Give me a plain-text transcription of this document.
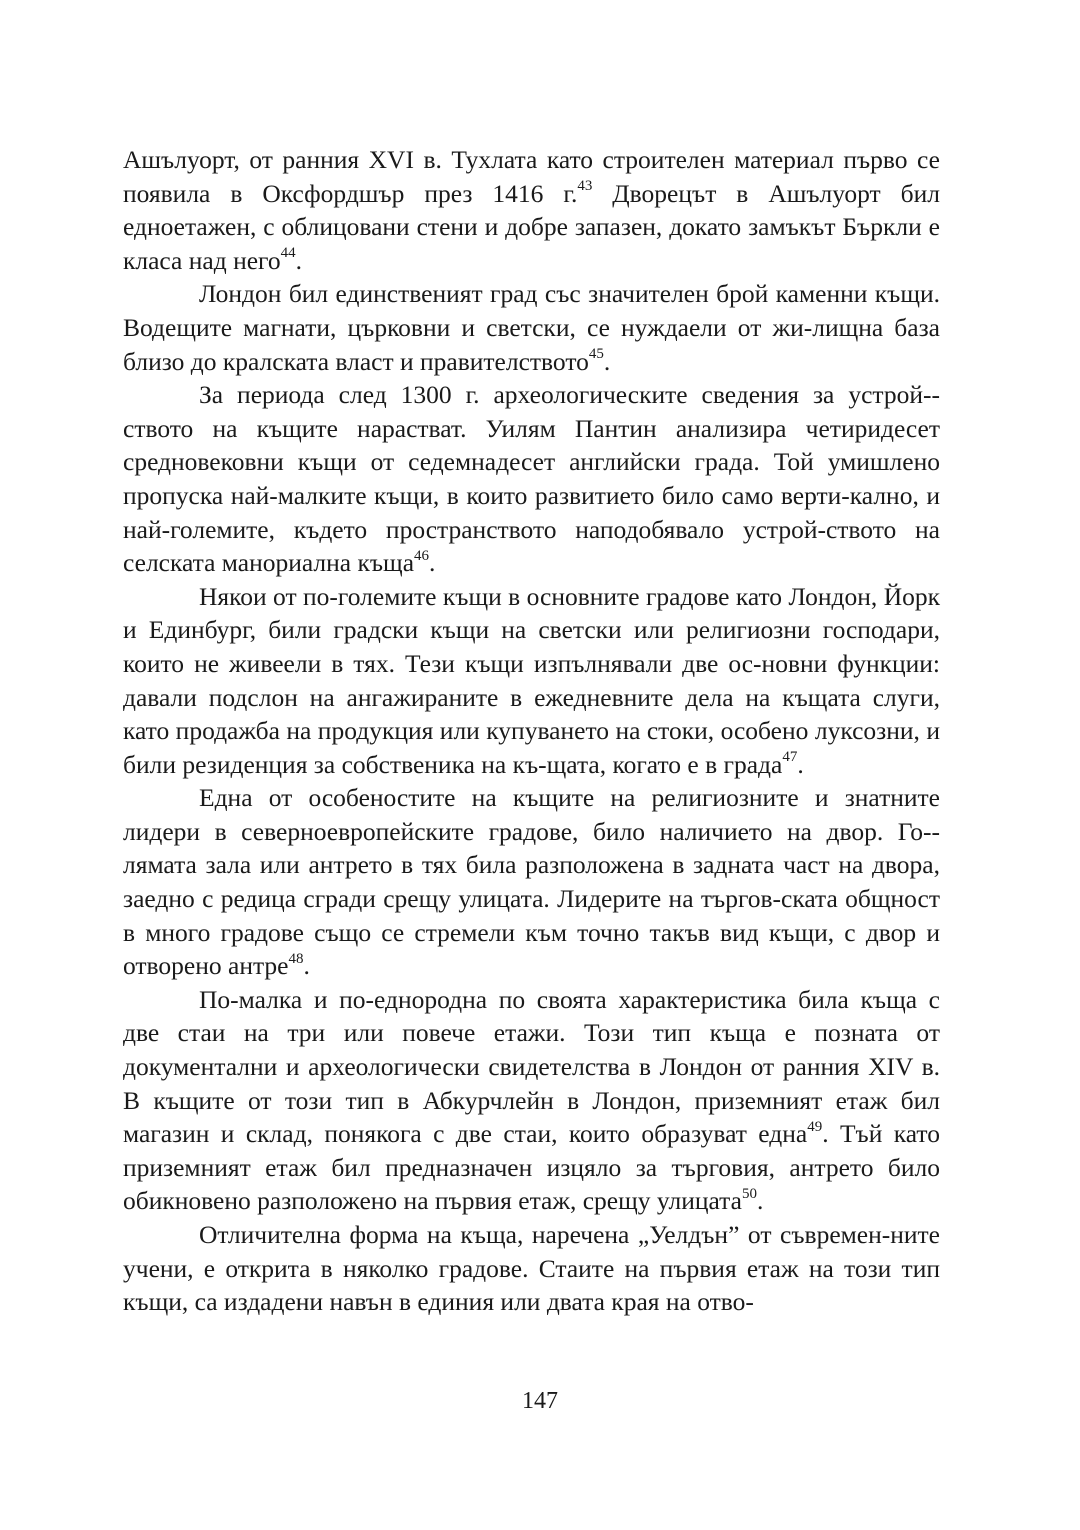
Ашълуорт, от ранния XVI в. Тухлата като строителен материал първо се появила в Оксфордшър през 1416 г.$^{43}$ Дворецът в Ашълуорт бил едноетажен, с облицовани стени и добре запазен, докато замъкът Бъркли е класа над него$^{44}$.

Лондон бил единственият град със значителен брой каменни къщи. Водещите магнати, църковни и светски, се нуждаели от жи-лищна база близо до кралската власт и правителството$^{45}$.

За периода след 1300 г. археологическите сведения за устрой-ството на къщите нарастват. Уилям Пантин анализира четиридесет средновековни къщи от седемнадесет английски града. Той умишлено пропуска най-малките къщи, в които развитието било само верти-кално, и най-големите, където пространството наподобявало устрой-ството на селската манориална къща$^{46}$.

Някои от по-големите къщи в основните градове като Лондон, Йорк и Единбург, били градски къщи на светски или религиозни господари, които не живеели в тях. Тези къщи изпълнявали две ос-новни функции: давали подслон на ангажираните в ежедневните дела на къщата слуги, като продажба на продукция или купуването на стоки, особено луксозни, и били резиденция за собственика на къ-щата, когато е в града$^{47}$.

Една от особеностите на къщите на религиозните и знатните лидери в северноевропейските градове, било наличието на двор. Го-лямата зала или антрето в тях била разположена в задната част на двора, заедно с редица сгради срещу улицата. Лидерите на търгов-ската общност в много градове също се стремели към точно такъв вид къщи, с двор и отворено антре$^{48}$.

По-малка и по-еднородна по своята характеристика била къща с две стаи на три или повече етажи. Този тип къща е позната от документални и археологически свидетелства в Лондон от ранния XIV в. В къщите от този тип в Абкурчлейн в Лондон, приземният етаж бил магазин и склад, понякога с две стаи, които образуват една$^{49}$. Тъй като приземният етаж бил предназначен изцяло за търговия, антрето било обикновено разположено на първия етаж, срещу улицата$^{50}$.

Отличителна форма на къща, наречена „Уелдън” от съвремен-ните учени, е открита в няколко градове. Стаите на първия етаж на този тип къщи, са издадени навън в единия или двата края на отво-

147
